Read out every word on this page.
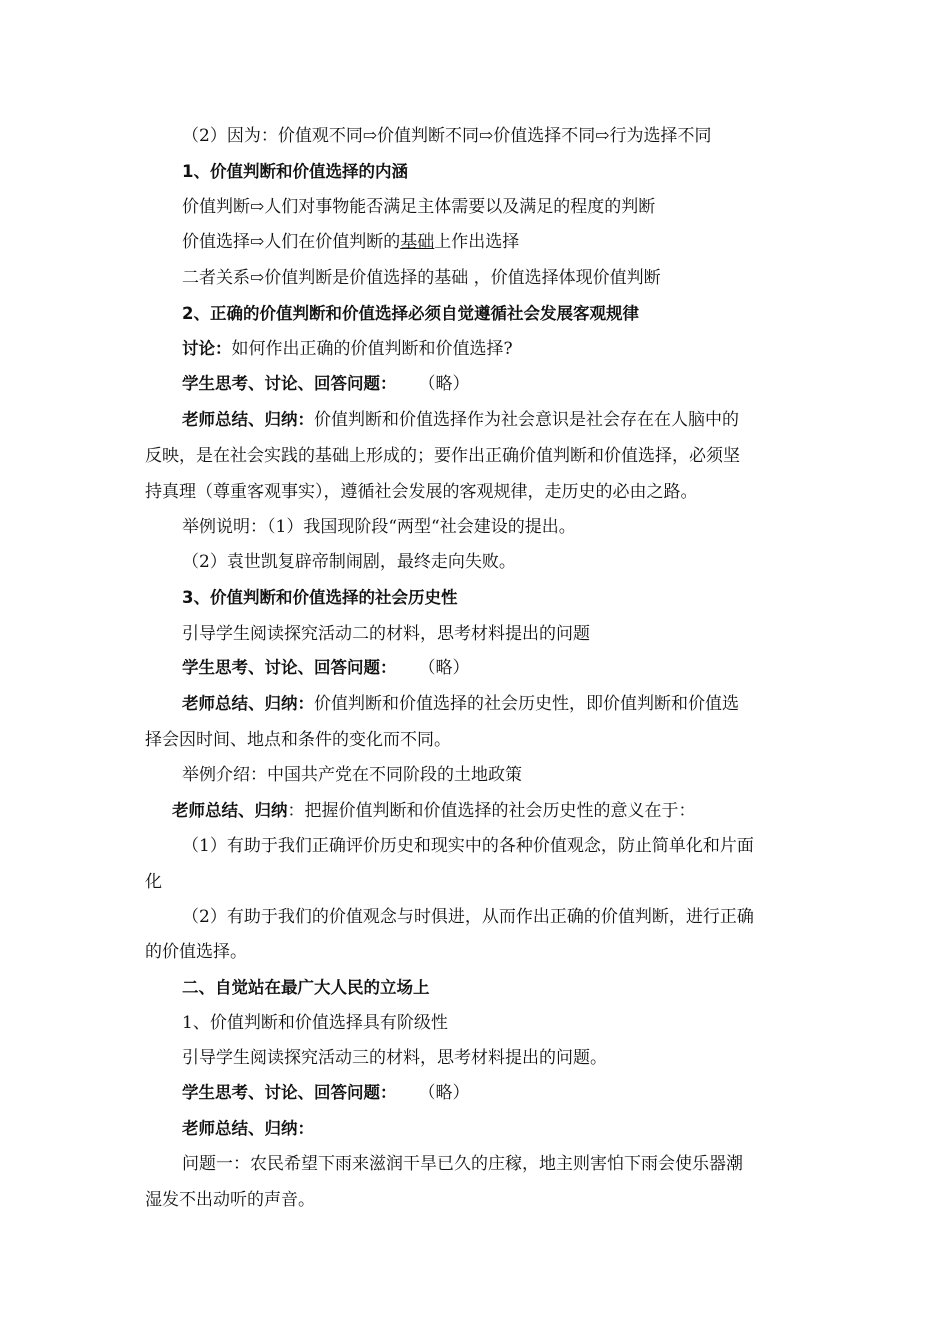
（2）因为：价值观不同⇨价值判断不同⇨价值选择不同⇨行为选择不同
1、价值判断和价值选择的内涵
价值判断⇨人们对事物能否满足主体需要以及满足的程度的判断
价值选择⇨人们在价值判断的基础上作出选择
二者关系⇨价值判断是价值选择的基础 ，价值选择体现价值判断
2、正确的价值判断和价值选择必须自觉遵循社会发展客观规律
讨论：如何作出正确的价值判断和价值选择?
学生思考、讨论、回答问题： （略）
老师总结、归纳：价值判断和价值选择作为社会意识是社会存在在人脑中的
反映，是在社会实践的基础上形成的；要作出正确价值判断和价值选择，必须坚
持真理（尊重客观事实），遵循社会发展的客观规律，走历史的必由之路。
举例说明：（1）我国现阶段“两型“社会建设的提出。
（2）袁世凯复辟帝制闹剧，最终走向失败。
3、价值判断和价值选择的社会历史性
引导学生阅读探究活动二的材料，思考材料提出的问题
学生思考、讨论、回答问题： （略）
老师总结、归纳：价值判断和价值选择的社会历史性，即价值判断和价值选
择会因时间、地点和条件的变化而不同。
举例介绍：中国共产党在不同阶段的土地政策
老师总结、归纳：把握价值判断和价值选择的社会历史性的意义在于：
（1）有助于我们正确评价历史和现实中的各种价值观念，防止简单化和片面
化
（2）有助于我们的价值观念与时俱进，从而作出正确的价值判断，进行正确
的价值选择。
二、自觉站在最广大人民的立场上
1、价值判断和价值选择具有阶级性
引导学生阅读探究活动三的材料，思考材料提出的问题。
学生思考、讨论、回答问题： （略）
老师总结、归纳：
问题一：农民希望下雨来滋润干旱已久的庄稼，地主则害怕下雨会使乐器潮
湿发不出动听的声音。
